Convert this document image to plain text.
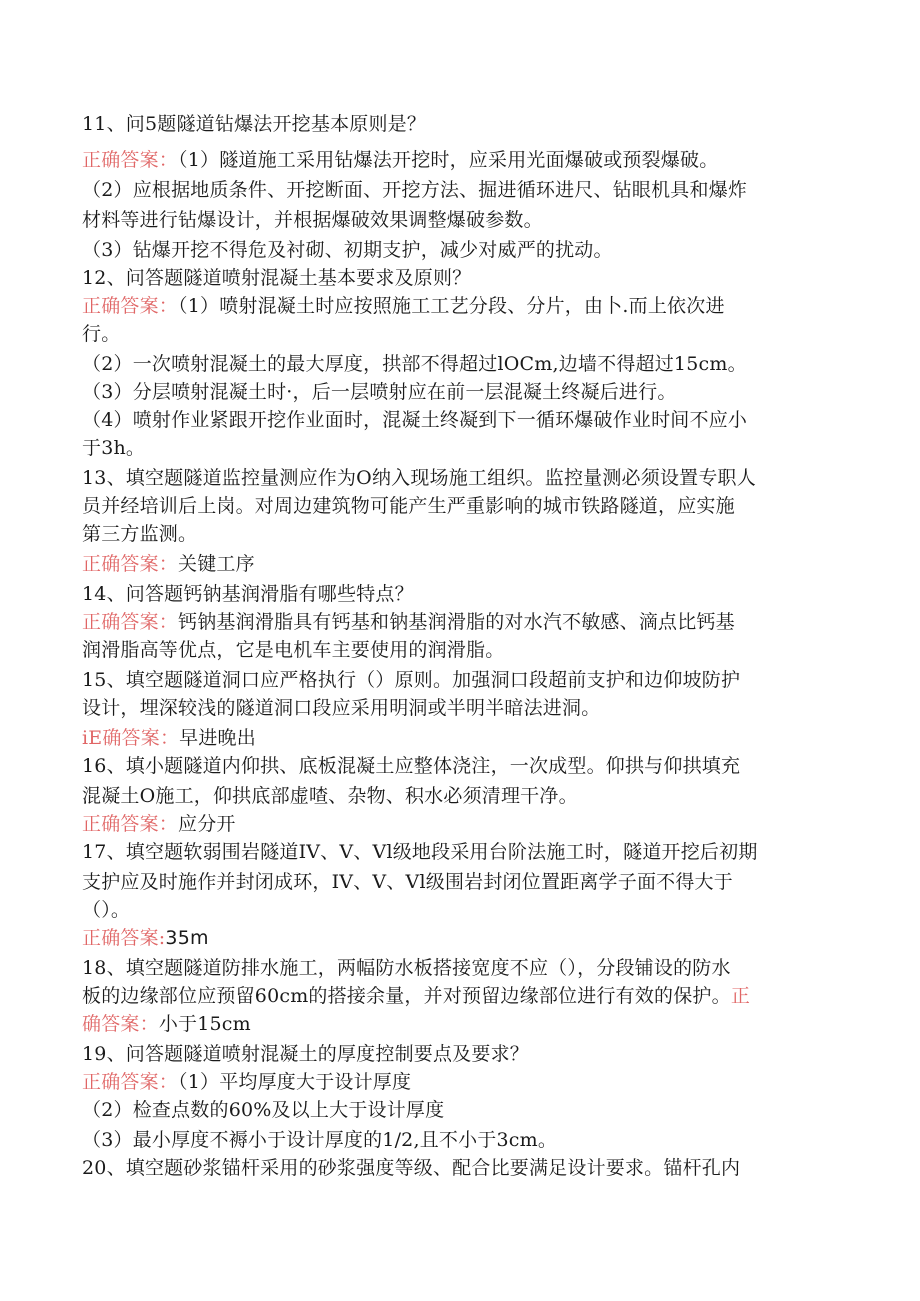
11、问5题隧道钻爆法开挖基本原则是？
正确答案：（1）隧道施工采用钻爆法开挖时，应采用光面爆破或预裂爆破。
（2）应根据地质条件、开挖断面、开挖方法、掘进循环进尺、钻眼机具和爆炸
材料等进行钻爆设计，并根据爆破效果调整爆破参数。
（3）钻爆开挖不得危及衬砌、初期支护，减少对威严的扰动。
12、问答题隧道喷射混凝土基本要求及原则？
正确答案：（1）喷射混凝土时应按照施工工艺分段、分片，由卜.而上依次进
行。
（2）一次喷射混凝土的最大厚度，拱部不得超过lOCm,边墙不得超过15cm。
（3）分层喷射混凝土时·，后一层喷射应在前一层混凝土终凝后进行。
（4）喷射作业紧跟开挖作业面时，混凝土终凝到下一循环爆破作业时间不应小
于3h。
13、填空题隧道监控量测应作为O纳入现场施工组织。监控量测必须设置专职人
员并经培训后上岗。对周边建筑物可能产生严重影响的城市铁路隧道，应实施
第三方监测。
正确答案：关键工序
14、问答题钙钠基润滑脂有哪些特点？
正确答案：钙钠基润滑脂具有钙基和钠基润滑脂的对水汽不敏感、滴点比钙基
润滑脂高等优点，它是电机车主要使用的润滑脂。
15、填空题隧道洞口应严格执行（）原则。加强洞口段超前支护和边仰坡防护
设计，埋深较浅的隧道洞口段应采用明洞或半明半暗法进洞。
iE确答案：早进晚出
16、填小题隧道内仰拱、底板混凝土应整体浇注，一次成型。仰拱与仰拱填充
混凝土O施工，仰拱底部虚喳、杂物、积水必须清理干净。
正确答案：应分开
17、填空题软弱围岩隧道IV、V、Vl级地段采用台阶法施工时，隧道开挖后初期
支护应及时施作并封闭成环，IV、V、Vl级围岩封闭位置距离学子面不得大于
（）。
正确答案:35m
18、填空题隧道防排水施工，两幅防水板搭接宽度不应（），分段铺设的防水
板的边缘部位应预留60cm的搭接余量，并对预留边缘部位进行有效的保护。正
确答案：小于15cm
19、问答题隧道喷射混凝土的厚度控制要点及要求？
正确答案：（1）平均厚度大于设计厚度
（2）检查点数的60%及以上大于设计厚度
（3）最小厚度不褥小于设计厚度的1/2,且不小于3cm。
20、填空题砂浆锚杆采用的砂浆强度等级、配合比要满足设计要求。锚杆孔内
